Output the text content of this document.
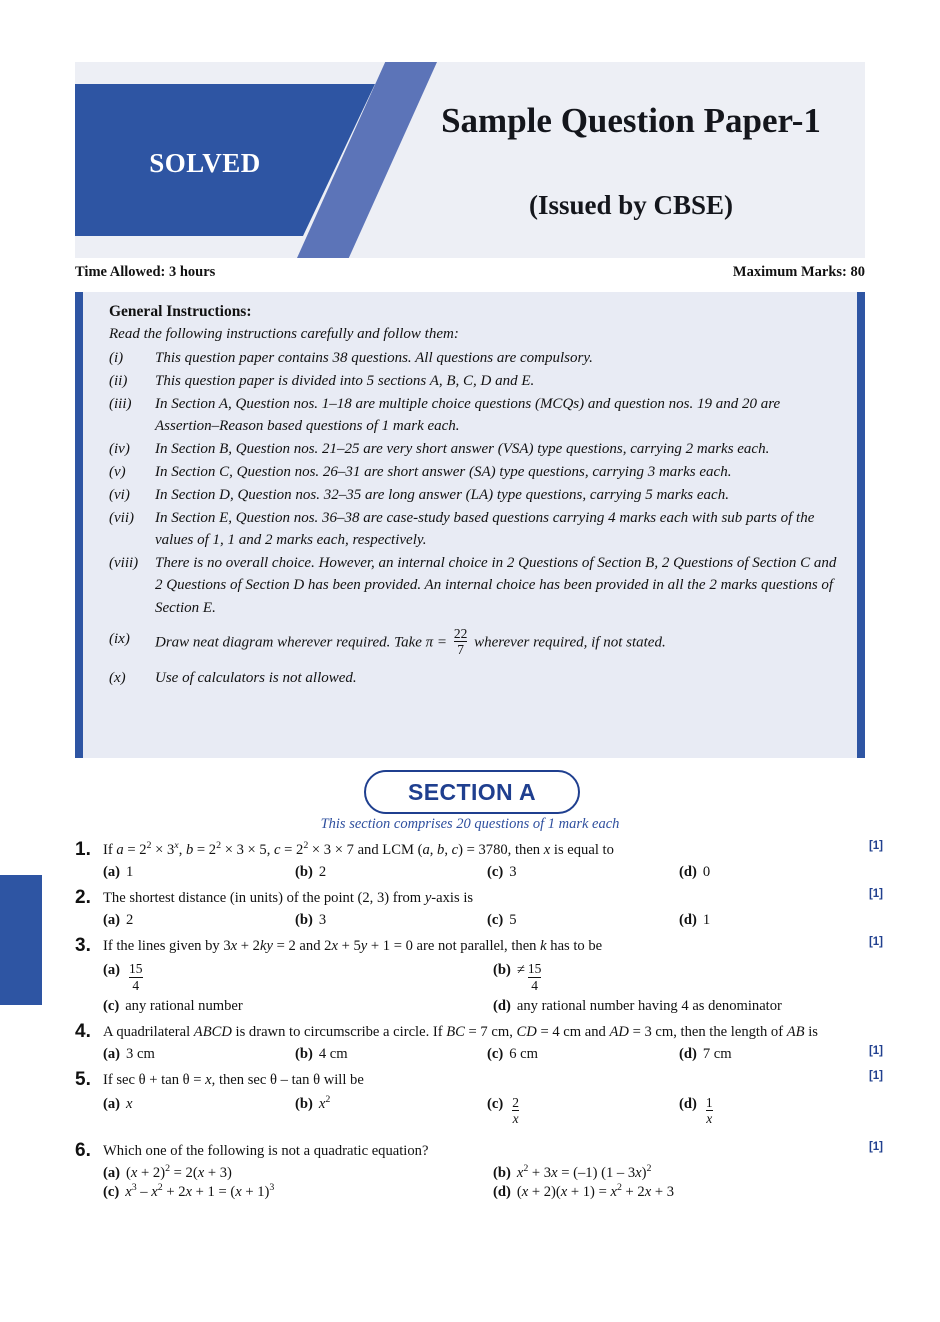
SOLVED
Sample Question Paper-1
(Issued by CBSE)
Time Allowed: 3 hours	Maximum Marks: 80
General Instructions:
Read the following instructions carefully and follow them:
(i)	This question paper contains 38 questions. All questions are compulsory.
(ii)	This question paper is divided into 5 sections A, B, C, D and E.
(iii)	In Section A, Question nos. 1–18 are multiple choice questions (MCQs) and question nos. 19 and 20 are Assertion–Reason based questions of 1 mark each.
(iv)	In Section B, Question nos. 21–25 are very short answer (VSA) type questions, carrying 2 marks each.
(v)	In Section C, Question nos. 26–31 are short answer (SA) type questions, carrying 3 marks each.
(vi)	In Section D, Question nos. 32–35 are long answer (LA) type questions, carrying 5 marks each.
(vii)	In Section E, Question nos. 36–38 are case-study based questions carrying 4 marks each with sub parts of the values of 1, 1 and 2 marks each, respectively.
(viii)	There is no overall choice. However, an internal choice in 2 Questions of Section B, 2 Questions of Section C and 2 Questions of Section D has been provided. An internal choice has been provided in all the 2 marks questions of Section E.
(ix)	Draw neat diagram wherever required. Take $\pi = \frac{22}{7}$ wherever required, if not stated.
(x)	Use of calculators is not allowed.
SECTION A
This section comprises 20 questions of 1 mark each
[1]
1. If $a = 2^2 \times 3^x$, $b = 2^2 \times 3 \times 5$, $c = 2^2 \times 3 \times 7$ and LCM (a, b, c) = 3780, then x is equal to
(a) 1	(b) 2	(c) 3	(d) 0
[1]
2. The shortest distance (in units) of the point (2, 3) from y-axis is
(a) 2	(b) 3	(c) 5	(d) 1
[1]
3. If the lines given by 3x + 2ky = 2 and 2x + 5y + 1 = 0 are not parallel, then k has to be
$(a) \frac{15}{4}$	$(b) \ne \frac{15}{4}$
(c) any rational number	(d) any rational number having 4 as denominator
[1]
4. A quadrilateral ABCD is drawn to circumscribe a circle. If BC = 7 cm, CD = 4 cm and AD = 3 cm, then the length of AB is
(a) 3 cm	(b) 4 cm	(c) 6 cm	(d) 7 cm
[1]
5. If sec θ + tan θ = x, then sec θ – tan θ will be
(a) x	(b) $x^2$	$(c) \frac{2}{x}$	$(d) \frac{1}{x}$
[1]
6. Which one of the following is not a quadratic equation?
(a) $(x + 2)^2 = 2(x + 3)$	(b) $x^2 + 3x = (-1)$ (1 – 3x)$^2$
(c) $x^3 - x^2 + 2x + 1 = (x + 1)^3$	(d) $(x + 2)(x + 1) = x^2 + 2x + 3$
